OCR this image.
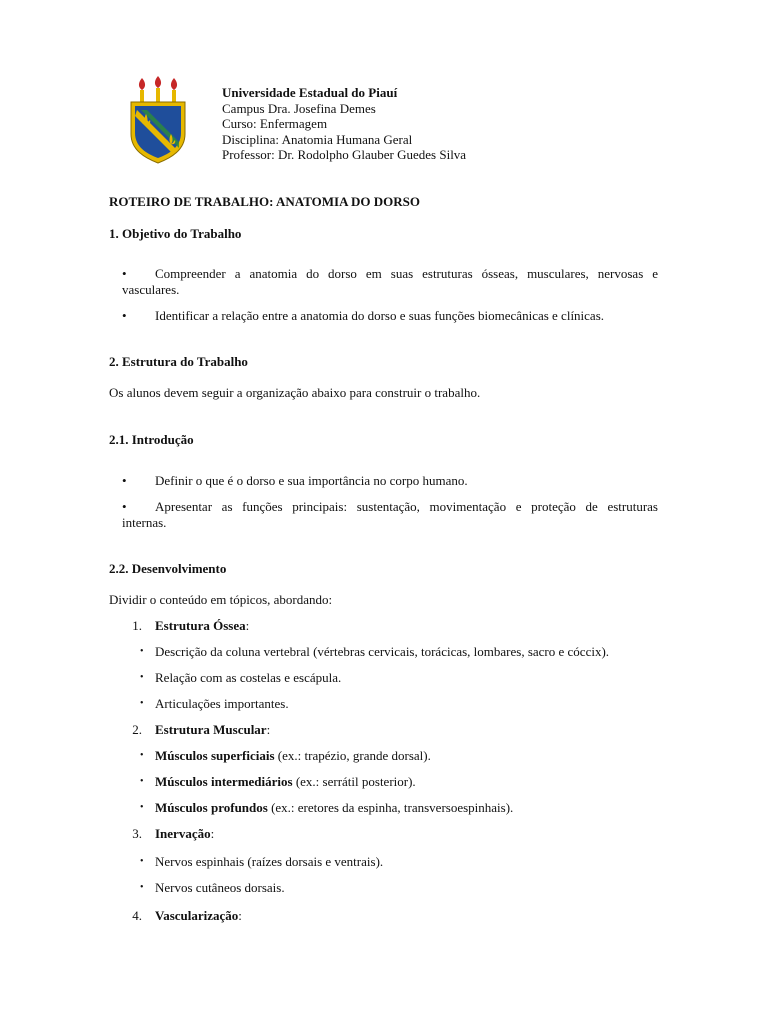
Universidade Estadual do Piauí
Campus Dra. Josefina Demes
Curso: Enfermagem
Disciplina: Anatomia Humana Geral
Professor: Dr. Rodolpho Glauber Guedes Silva
ROTEIRO DE TRABALHO: ANATOMIA DO DORSO
1. Objetivo do Trabalho
• Compreender a anatomia do dorso em suas estruturas ósseas, musculares, nervosas e
vasculares.
• Identificar a relação entre a anatomia do dorso e suas funções biomecânicas e clínicas.
2. Estrutura do Trabalho
Os alunos devem seguir a organização abaixo para construir o trabalho.
2.1. Introdução
• Definir o que é o dorso e sua importância no corpo humano.
• Apresentar as funções principais: sustentação, movimentação e proteção de estruturas
internas.
2.2. Desenvolvimento
Dividir o conteúdo em tópicos, abordando:
1. Estrutura Óssea:
• Descrição da coluna vertebral (vértebras cervicais, torácicas, lombares, sacro e cóccix).
• Relação com as costelas e escápula.
• Articulações importantes.
2. Estrutura Muscular:
• Músculos superficiais (ex.: trapézio, grande dorsal).
• Músculos intermediários (ex.: serrátil posterior).
• Músculos profundos (ex.: eretores da espinha, transversoespinhais).
3. Inervação:
• Nervos espinhais (raízes dorsais e ventrais).
• Nervos cutâneos dorsais.
4. Vascularização:
